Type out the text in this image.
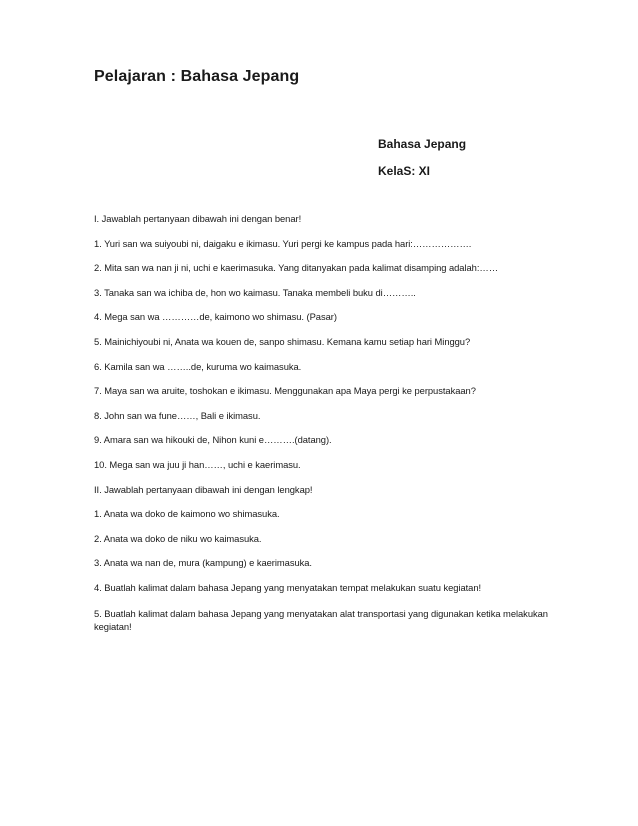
Pelajaran : Bahasa Jepang
Bahasa Jepang
KelaS: XI
I. Jawablah pertanyaan dibawah ini dengan benar!
1. Yuri san wa suiyoubi ni, daigaku e ikimasu. Yuri pergi ke kampus pada hari:……………….
2. Mita san wa nan ji ni, uchi e kaerimasuka. Yang ditanyakan pada kalimat disamping adalah:……
3. Tanaka san wa ichiba de, hon wo kaimasu. Tanaka membeli buku di………..
4. Mega san wa …………de, kaimono wo shimasu. (Pasar)
5. Mainichiyoubi ni, Anata wa kouen de, sanpo shimasu. Kemana kamu setiap hari Minggu?
6. Kamila san wa ……..de, kuruma wo kaimasuka.
7. Maya san wa aruite, toshokan e ikimasu. Menggunakan apa Maya pergi ke perpustakaan?
8. John san wa fune……, Bali e ikimasu.
9. Amara san wa hikouki de, Nihon kuni e……….(datang).
10. Mega san wa juu ji han……, uchi e kaerimasu.
II. Jawablah pertanyaan dibawah ini dengan lengkap!
1. Anata wa doko de kaimono wo shimasuka.
2. Anata wa doko de niku wo kaimasuka.
3. Anata wa nan de, mura (kampung) e kaerimasuka.
4. Buatlah kalimat dalam bahasa Jepang yang menyatakan tempat melakukan suatu kegiatan!
5. Buatlah kalimat dalam bahasa Jepang yang menyatakan alat transportasi yang digunakan ketika melakukan kegiatan!
